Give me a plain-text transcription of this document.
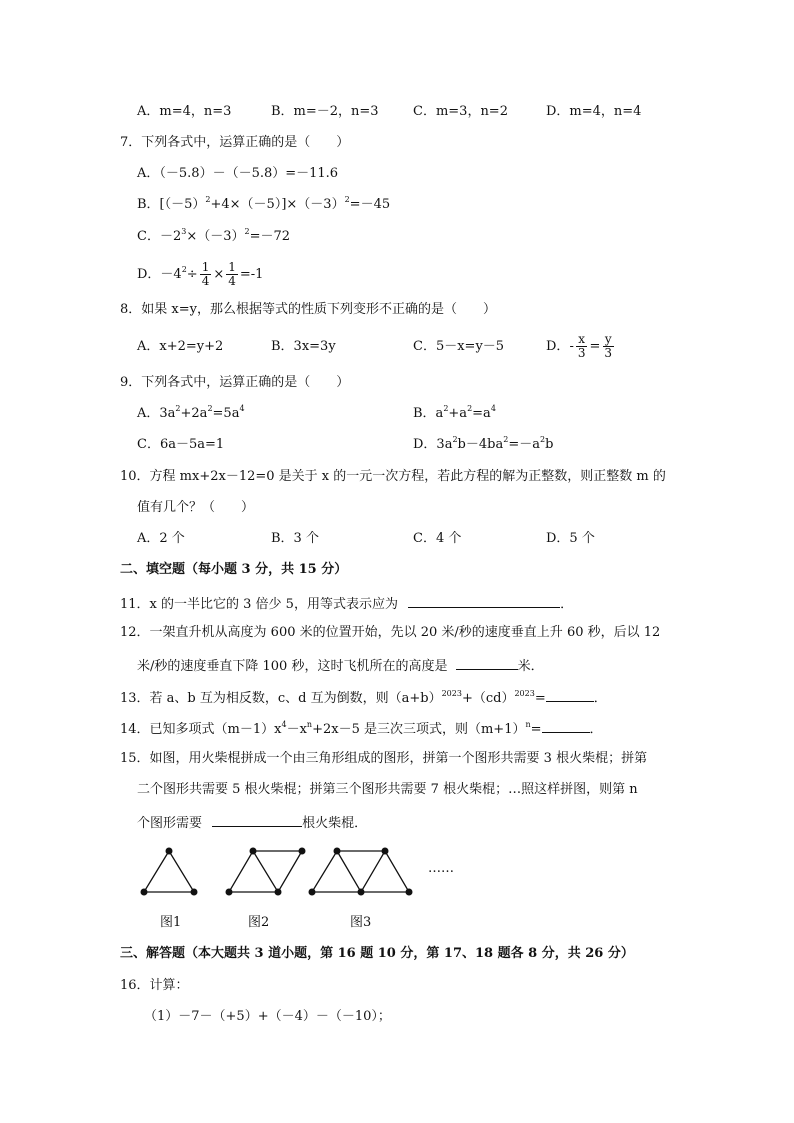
A．m=4，n=3	B．m=－2，n=3	C．m=3，n=2	D．m=4，n=4
7．下列各式中，运算正确的是（　　）
A．（－5.8）－（－5.8）=－11.6
B．$[(-5)^2+4\times(-5)]\times(-3)^2=-45$
C．$-2^3\times(-3)^2=-72$
D．$-4^2\div \frac{1}{4} \times \frac{1}{4} =-1$
8．如果 x=y，那么根据等式的性质下列变形不正确的是（　　）
A．x+2=y+2	B．3x=3y	C．5－x=y－5	D．- $\frac{x}{3} = \frac{y}{3}$
9．下列各式中，运算正确的是（　　）
A．$3a^2+2a^2=5a^4$	B．$a^2+a^2=a^4$
C．6a－5a=1	D．$3a^2b-4ba^2=-a^2b$
10．方程 mx+2x－12=0 是关于 x 的一元一次方程，若此方程的解为正整数，则正整数 m 的
值有几个？（　　）
A．2 个	B．3 个	C．4 个	D．5 个
二、填空题（每小题 3 分，共 15 分）
11．x 的一半比它的 3 倍少 5，用等式表示应为	．
12．一架直升机从高度为 600 米的位置开始，先以 20 米/秒的速度垂直上升 60 秒，后以 12
米/秒的速度垂直下降 100 秒，这时飞机所在的高度是	米．
13．若 a、b 互为相反数，c、d 互为倒数，则$(a+b)^{2023}+(cd)^{2023}=$	．
14．已知多项式$(m-1)x^4-x^n+2x-5$ 是三次三项式，则$(m+1)^n=$	．
15．如图，用火柴棍拼成一个由三角形组成的图形，拼第一个图形共需要 3 根火柴棍；拼第
二个图形共需要 5 根火柴棍；拼第三个图形共需要 7 根火柴棍；…照这样拼图，则第 n
个图形需要	根火柴棍．
……
图1	图2	图3
三、解答题（本大题共 3 道小题，第 16 题 10 分，第 17、18 题各 8 分，共 26 分）
16．计算：
（1）－7－（+5）+（－4）－（－10）；
